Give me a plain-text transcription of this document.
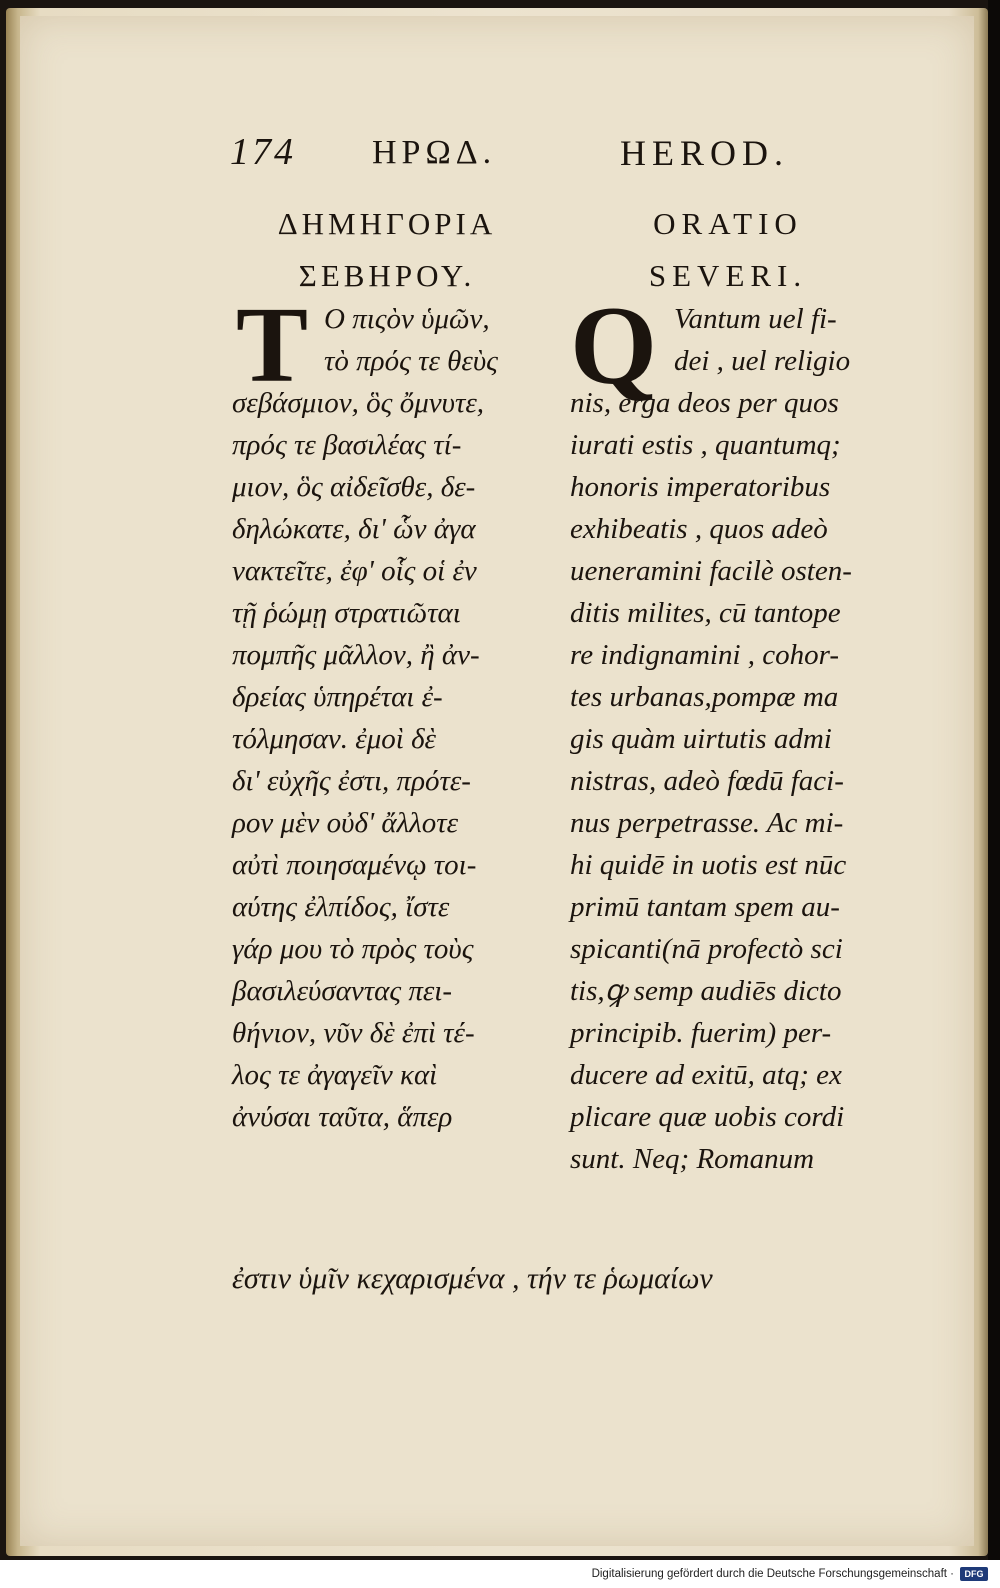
174 ΗΡΩΔ.	HEROD.
ΔΗΜΗΓΟΡΙΑ
ΣΕΒΗΡΟΥ.
ORATIO
SEVERI.
Τ Q
Ο πιςὸν ὑμῶν,
τὸ πρός τε θεὺς
σεβάσμιον, ὃς ὄμνυτε,
πρός τε βασιλέας τί-
μιον, ὃς αἰδεῖσθε, δε-
δηλώκατε, δι' ὧν ἀγα
νακτεῖτε, ἐφ' οἷς οἱ ἐν
τῇ ῥώμῃ στρατιῶται
πομπῆς μᾶλλον, ἢ ἀν-
δρείας ὑπηρέται ἐ-
τόλμησαν. ἐμοὶ δὲ
δι' εὐχῆς ἐστι, πρότε-
ρον μὲν οὐδ' ἄλλοτε
αὐτὶ ποιησαμένῳ τοι-
αύτης ἐλπίδος, ἴστε
γάρ μου τὸ πρὸς τοὺς
βασιλεύσαντας πει-
θήνιον, νῦν δὲ ἐπὶ τέ-
λος τε ἀγαγεῖν καὶ
ἀνύσαι ταῦτα, ἅπερ
Vantum uel fi-
dei , uel religio
nis, erga deos per quos
iurati estis , quantumq;
honoris imperatoribus
exhibeatis , quos adeò
ueneramini facilè osten-
ditis milites, cū tantope
re indignamini , cohor-
tes urbanas,pompæ ma
gis quàm uirtutis admi
nistras, adeò fœdū faci-
nus perpetrasse. Ac mi-
hi quidē in uotis est nūc
primū tantam spem au-
spicanti(nā profectò sci
tis,ꝙ semp audiēs dicto
principib. fuerim) per-
ducere ad exitū, atq; ex
plicare quæ uobis cordi
sunt. Neq; Romanum
ἐστιν ὑμῖν κεχαρισμένα , τήν τε ῥωμαίων
Digitalisierung gefördert durch die Deutsche Forschungsgemeinschaft ·	DFG
